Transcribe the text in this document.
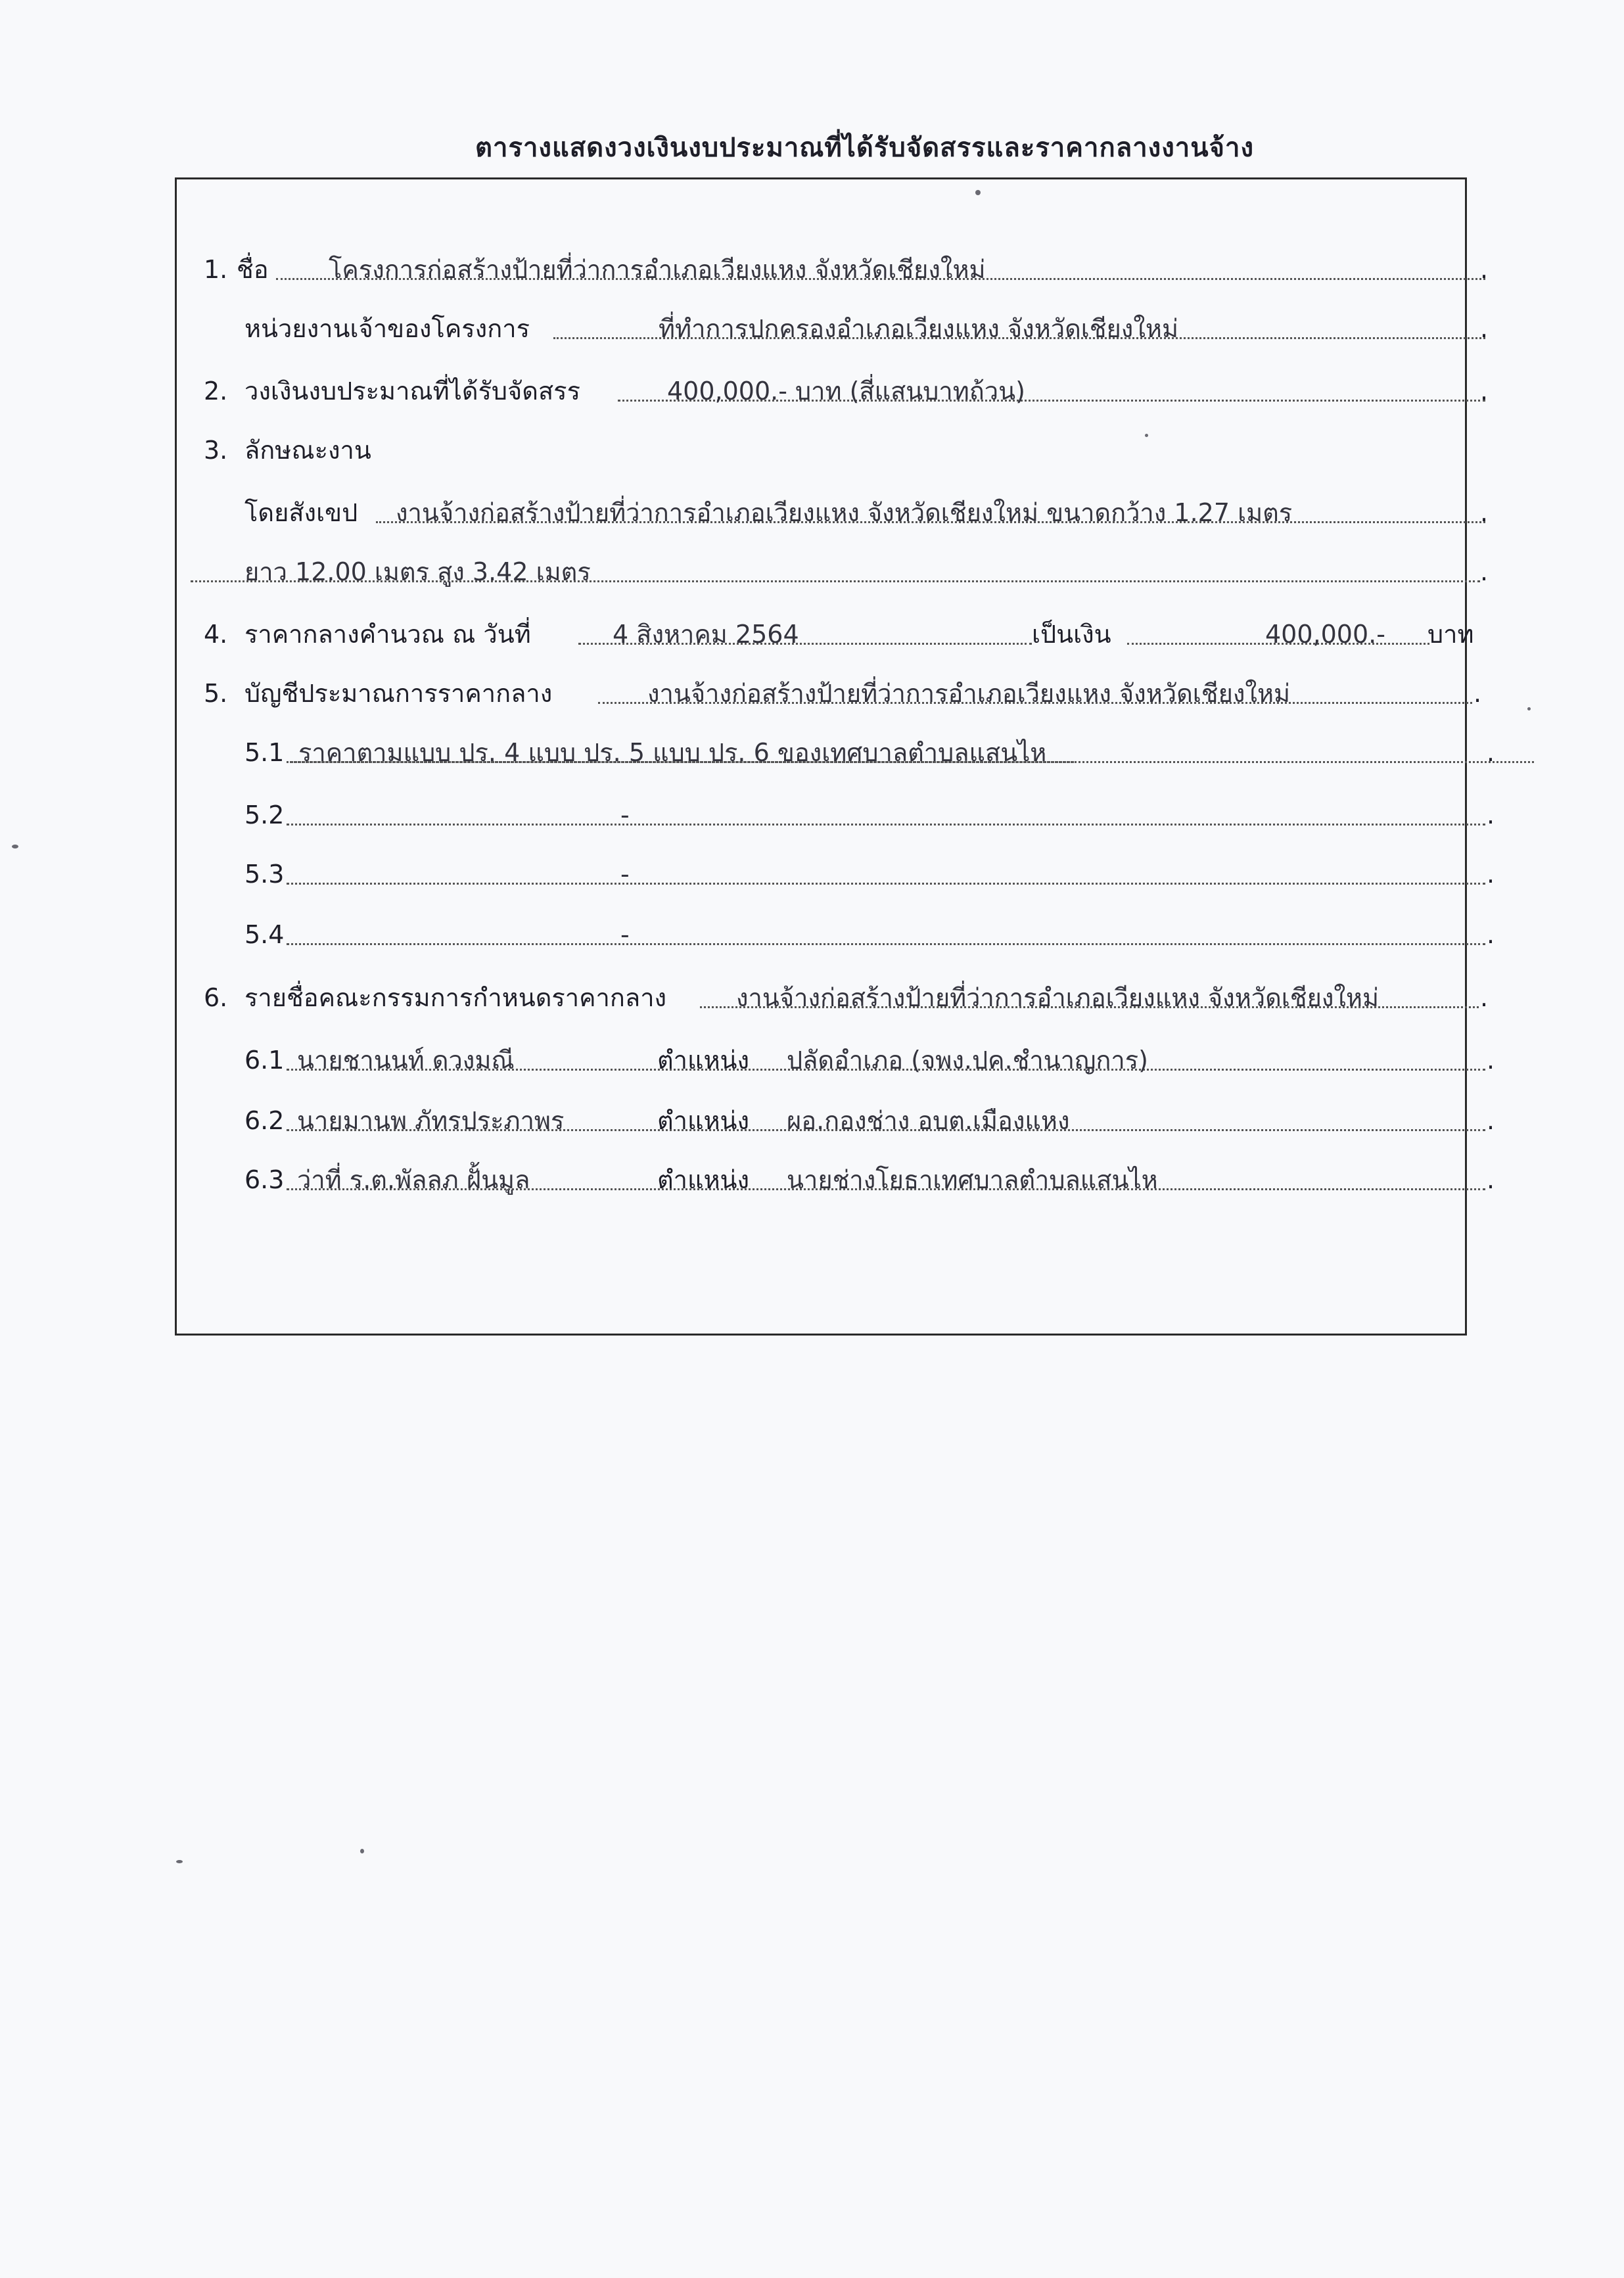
ตารางแสดงวงเงินงบประมาณที่ได้รับจัดสรรและราคากลางงานจ้าง
1. ชื่อ โครงการก่อสร้างป้ายที่ว่าการอำเภอเวียงแหง จังหวัดเชียงใหม่	.
หน่วยงานเจ้าของโครงการ	ที่ทำการปกครองอำเภอเวียงแหง จังหวัดเชียงใหม่	.
2. วงเงินงบประมาณที่ได้รับจัดสรร	400,000.- บาท (สี่แสนบาทถ้วน)	.
3. ลักษณะงาน
โดยสังเขป งานจ้างก่อสร้างป้ายที่ว่าการอำเภอเวียงแหง จังหวัดเชียงใหม่ ขนาดกว้าง 1.27 เมตร	.
ยาว 12.00 เมตร สูง 3.42 เมตร	.
4. ราคากลางคำนวณ ณ วันที่	4 สิงหาคม 2564	เป็นเงิน	400,000.- บาท
5. บัญชีประมาณการราคากลาง	งานจ้างก่อสร้างป้ายที่ว่าการอำเภอเวียงแหง จังหวัดเชียงใหม่	.
5.1 ราคาตามแบบ ปร. 4 แบบ ปร. 5 แบบ ปร. 6 ของเทศบาลตำบลแสนไห	.
5.2	-	.
5.3	-	.
5.4	-	.
6. รายชื่อคณะกรรมการกำหนดราคากลาง	งานจ้างก่อสร้างป้ายที่ว่าการอำเภอเวียงแหง จังหวัดเชียงใหม่	.
6.1 นายชานนท์ ดวงมณี	ตำแหน่ง ปลัดอำเภอ (จพง.ปค.ชำนาญการ)	.
6.2 นายมานพ ภัทรประภาพร	ตำแหน่ง ผอ.กองช่าง อบต.เมืองแหง	.
6.3 ว่าที่ ร.ต.พัลลภ ฝั้นมูล	ตำแหน่ง นายช่างโยธาเทศบาลตำบลแสนไห	.
